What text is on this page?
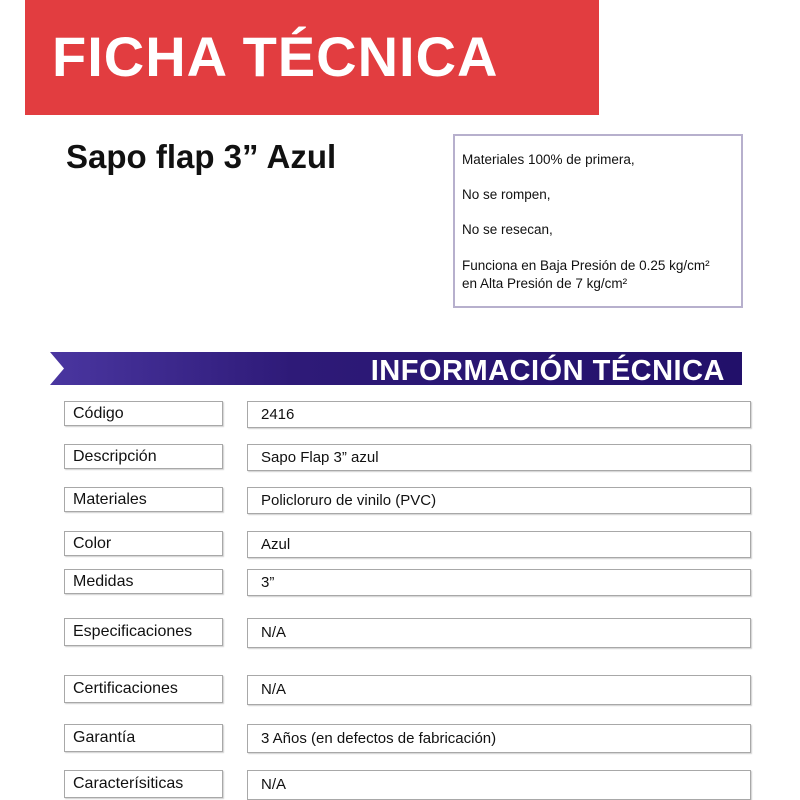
FICHA TÉCNICA
Sapo flap 3” Azul	Materiales 100% de primera,
No se rompen,
No se resecan,
Funciona en Baja Presión de 0.25 kg/cm²
en Alta Presión de 7 kg/cm²
INFORMACIÓN TÉCNICA
Código	2416
Descripción	Sapo Flap 3” azul
Materiales	Policloruro de vinilo (PVC)
Color	Azul
Medidas	3”
Especificaciones	N/A
Certificaciones	N/A
Garantía	3 Años (en defectos de fabricación)
Caracterísiticas	N/A
